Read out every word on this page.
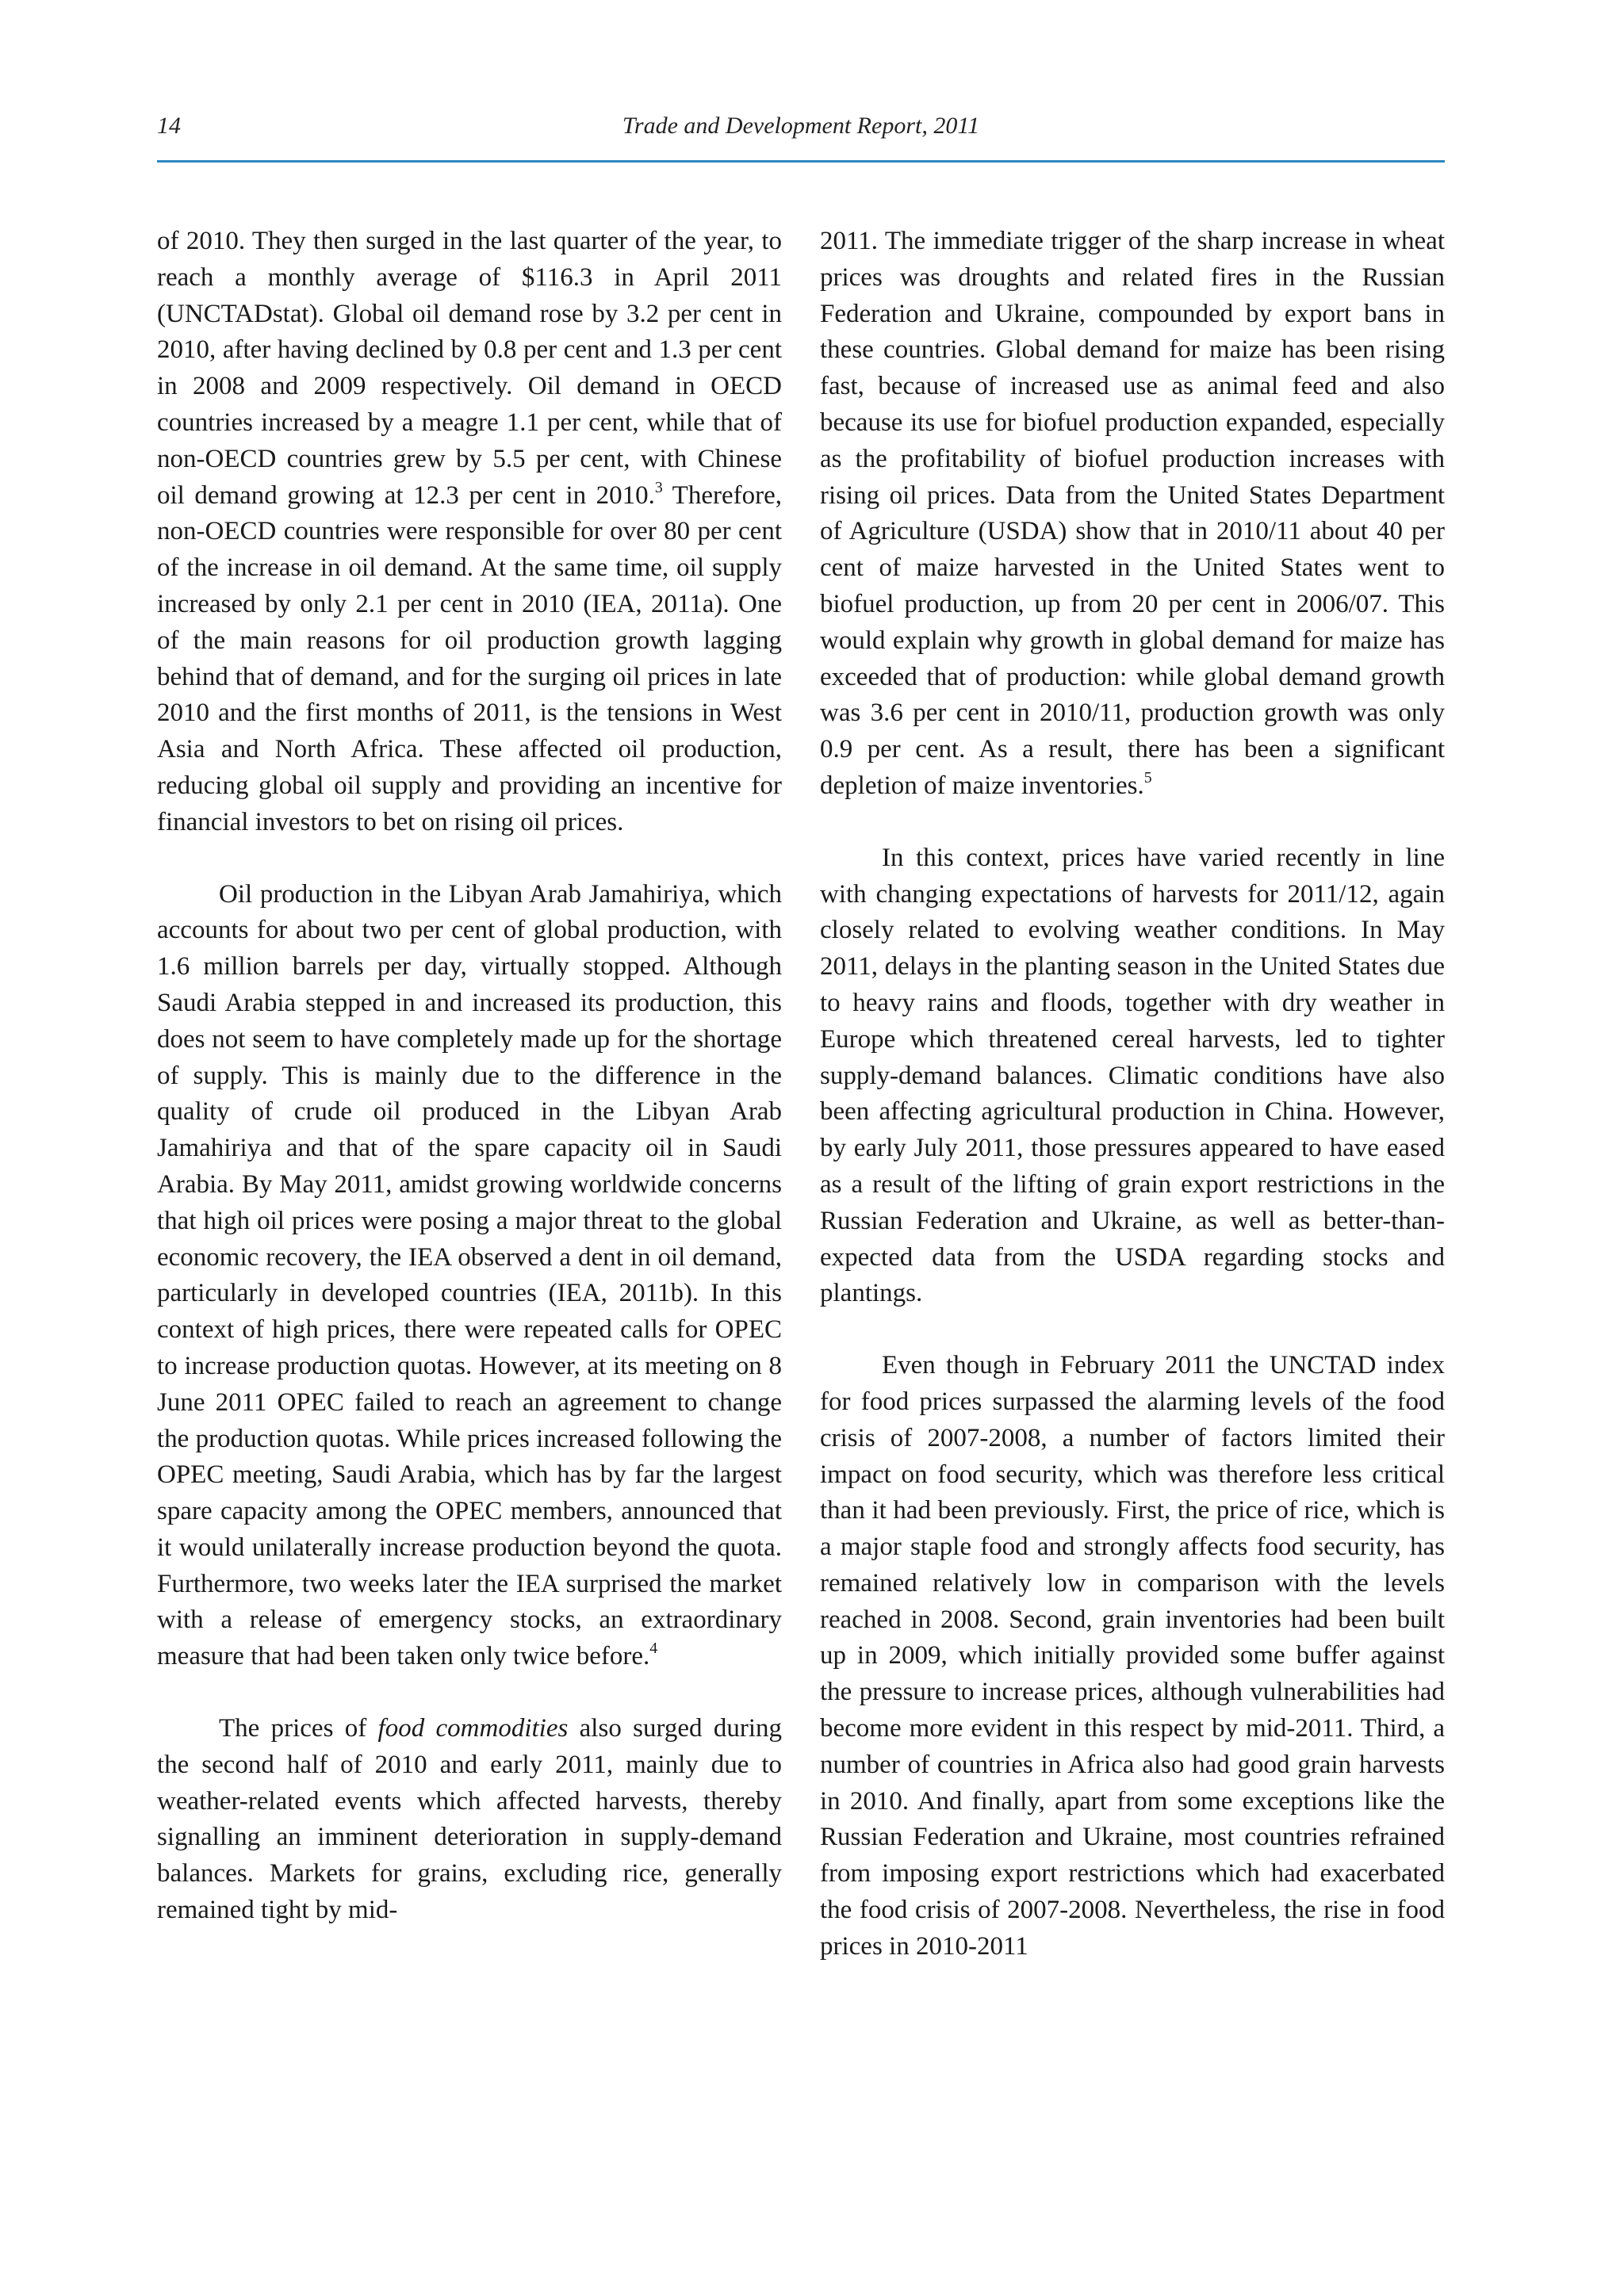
14	Trade and Development Report, 2011

of 2010. They then surged in the last quarter of the year, to reach a monthly average of $116.3 in April 2011 (UNCTADstat). Global oil demand rose by 3.2 per cent in 2010, after having declined by 0.8 per cent and 1.3 per cent in 2008 and 2009 respectively. Oil demand in OECD countries increased by a meagre 1.1 per cent, while that of non-OECD countries grew by 5.5 per cent, with Chinese oil demand growing at 12.3 per cent in 2010.$^3$ Therefore, non-OECD countries were responsible for over 80 per cent of the increase in oil demand. At the same time, oil supply increased by only 2.1 per cent in 2010 (IEA, 2011a). One of the main reasons for oil production growth lagging behind that of demand, and for the surging oil prices in late 2010 and the first months of 2011, is the tensions in West Asia and North Africa. These affected oil production, reducing global oil supply and providing an incentive for financial investors to bet on rising oil prices.

Oil production in the Libyan Arab Jamahiriya, which accounts for about two per cent of global production, with 1.6 million barrels per day, virtually stopped. Although Saudi Arabia stepped in and increased its production, this does not seem to have completely made up for the shortage of supply. This is mainly due to the difference in the quality of crude oil produced in the Libyan Arab Jamahiriya and that of the spare capacity oil in Saudi Arabia. By May 2011, amidst growing worldwide concerns that high oil prices were posing a major threat to the global economic recovery, the IEA observed a dent in oil demand, particularly in developed countries (IEA, 2011b). In this context of high prices, there were repeated calls for OPEC to increase production quotas. However, at its meeting on 8 June 2011 OPEC failed to reach an agreement to change the production quotas. While prices increased following the OPEC meeting, Saudi Arabia, which has by far the largest spare capacity among the OPEC members, announced that it would unilaterally increase production beyond the quota. Furthermore, two weeks later the IEA surprised the market with a release of emergency stocks, an extraordinary measure that had been taken only twice before.$^4$

The prices of food commodities also surged during the second half of 2010 and early 2011, mainly due to weather-related events which affected harvests, thereby signalling an imminent deterioration in supply-demand balances. Markets for grains, excluding rice, generally remained tight by mid-

2011. The immediate trigger of the sharp increase in wheat prices was droughts and related fires in the Russian Federation and Ukraine, compounded by export bans in these countries. Global demand for maize has been rising fast, because of increased use as animal feed and also because its use for biofuel production expanded, especially as the profitability of biofuel production increases with rising oil prices. Data from the United States Department of Agriculture (USDA) show that in 2010/11 about 40 per cent of maize harvested in the United States went to biofuel production, up from 20 per cent in 2006/07. This would explain why growth in global demand for maize has exceeded that of production: while global demand growth was 3.6 per cent in 2010/11, production growth was only 0.9 per cent. As a result, there has been a significant depletion of maize inventories.$^5$

In this context, prices have varied recently in line with changing expectations of harvests for 2011/12, again closely related to evolving weather conditions. In May 2011, delays in the planting season in the United States due to heavy rains and floods, together with dry weather in Europe which threatened cereal harvests, led to tighter supply-demand balances. Climatic conditions have also been affecting agricultural production in China. However, by early July 2011, those pressures appeared to have eased as a result of the lifting of grain export restrictions in the Russian Federation and Ukraine, as well as better-than-expected data from the USDA regarding stocks and plantings.

Even though in February 2011 the UNCTAD index for food prices surpassed the alarming levels of the food crisis of 2007-2008, a number of factors limited their impact on food security, which was therefore less critical than it had been previously. First, the price of rice, which is a major staple food and strongly affects food security, has remained relatively low in comparison with the levels reached in 2008. Second, grain inventories had been built up in 2009, which initially provided some buffer against the pressure to increase prices, although vulnerabilities had become more evident in this respect by mid-2011. Third, a number of countries in Africa also had good grain harvests in 2010. And finally, apart from some exceptions like the Russian Federation and Ukraine, most countries refrained from imposing export restrictions which had exacerbated the food crisis of 2007-2008. Nevertheless, the rise in food prices in 2010-2011
